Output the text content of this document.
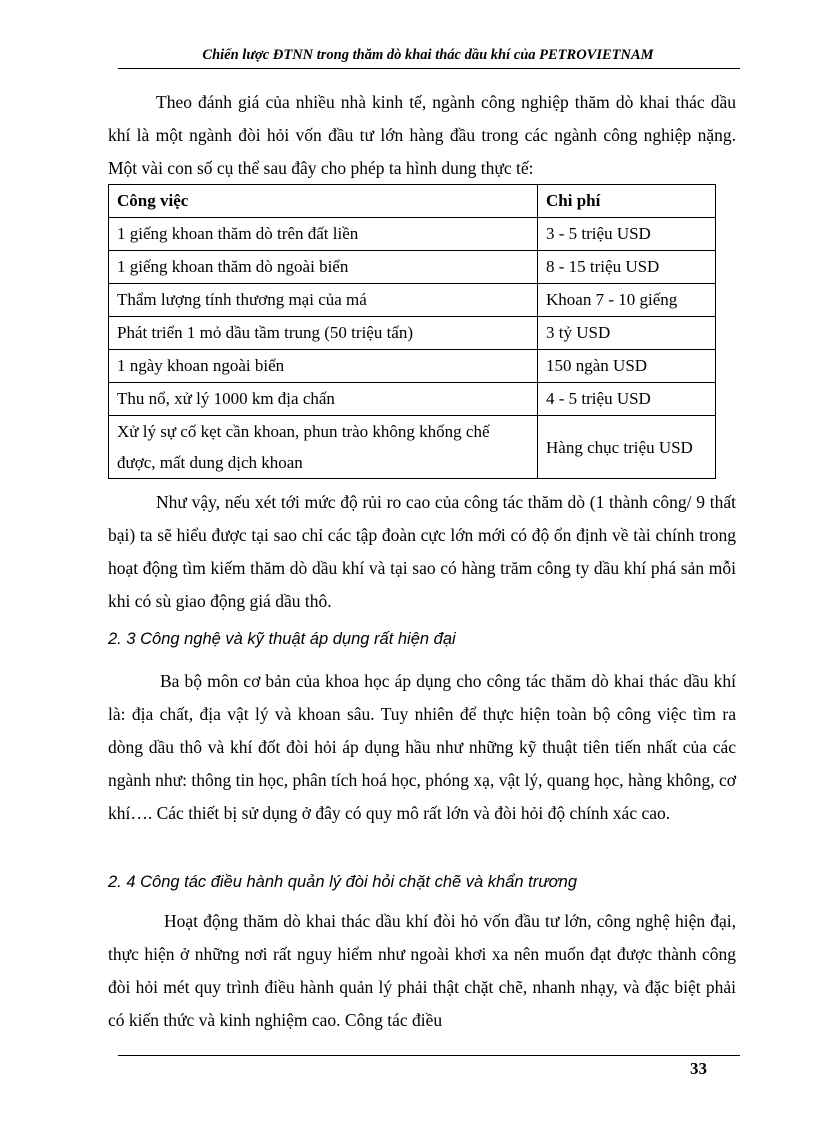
Chiến lược ĐTNN trong thăm dò khai thác dầu khí của PETROVIETNAM

Theo đánh giá của nhiều nhà kinh tế, ngành công nghiệp thăm dò khai thác dầu khí là một ngành đòi hỏi vốn đầu tư lớn hàng đầu trong các ngành công nghiệp nặng. Một vài con số cụ thể sau đây cho phép ta hình dung thực tế:

Công việc	Chi phí
1 giếng khoan thăm dò trên đất liền	3 - 5 triệu USD
1 giếng khoan thăm dò ngoài biển	8 - 15 triệu USD
Thẩm lượng tính thương mại của má	Khoan 7 - 10 giếng
Phát triển 1 mỏ dầu tầm trung (50 triệu tấn)	3 tỷ USD
1 ngày khoan ngoài biển	150 ngàn USD
Thu nổ, xử lý 1000 km địa chấn	4 - 5 triệu USD
Xử lý sự cố kẹt cần khoan, phun trào không khống chế được, mất dung dịch khoan	Hàng chục triệu USD

Như vậy, nếu xét tới mức độ rủi ro cao của công tác thăm dò (1 thành công/ 9 thất bại) ta sẽ hiểu được tại sao chỉ các tập đoàn cực lớn mới có độ ổn định về tài chính trong hoạt động tìm kiếm thăm dò dầu khí và tại sao có hàng trăm công ty dầu khí phá sản mỗi khi có sù giao động giá dầu thô.

2. 3 Công nghệ và kỹ thuật áp dụng rất hiện đại

Ba bộ môn cơ bản của khoa học áp dụng cho công tác thăm dò khai thác dầu khí là: địa chất, địa vật lý và khoan sâu. Tuy nhiên để thực hiện toàn bộ công việc tìm ra dòng dầu thô và khí đốt đòi hỏi áp dụng hầu như những kỹ thuật tiên tiến nhất của các ngành như: thông tin học, phân tích hoá học, phóng xạ, vật lý, quang học, hàng không, cơ khí…. Các thiết bị sử dụng ở đây có quy mô rất lớn và đòi hỏi độ chính xác cao.

2. 4 Công tác điều hành quản lý đòi hỏi chặt chẽ và khẩn trương

Hoạt động thăm dò khai thác dầu khí đòi hỏ vốn đầu tư lớn, công nghệ hiện đại, thực hiện ở những nơi rất nguy hiểm như ngoài khơi xa nên muốn đạt được thành công đòi hỏi mét quy trình điều hành quản lý phải thật chặt chẽ, nhanh nhạy, và đặc biệt phải có kiến thức và kinh nghiệm cao. Công tác điều

33
